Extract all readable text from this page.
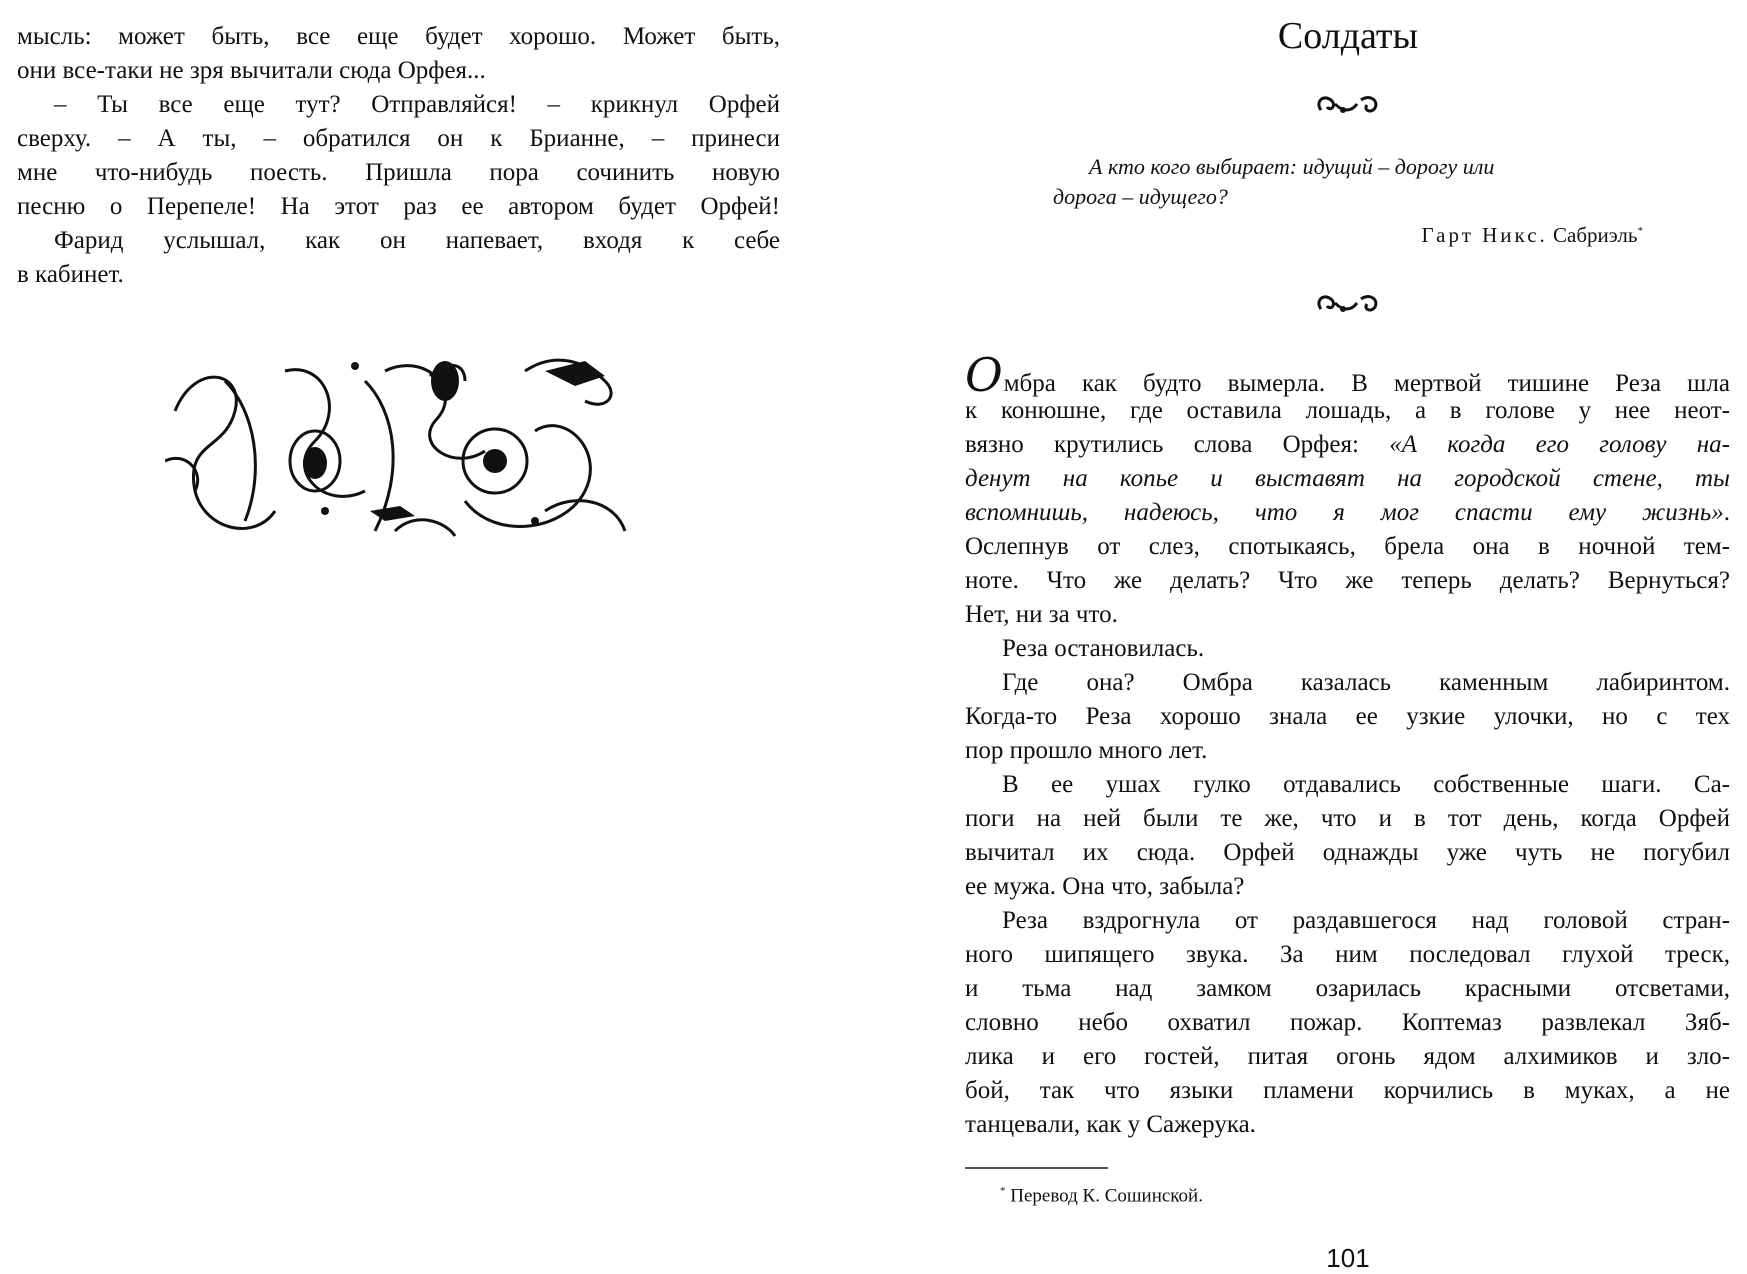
мысль: может быть, все еще будет хорошо. Может быть,
они все-таки не зря вычитали сюда Орфея...
– Ты все еще тут? Отправляйся! – крикнул Орфей
сверху. – А ты, – обратился он к Брианне, – принеси
мне что-нибудь поесть. Пришла пора сочинить новую
песню о Перепеле! На этот раз ее автором будет Орфей!
Фарид услышал, как он напевает, входя к себе
в кабинет.
Солдаты
А кто кого выбирает: идущий – дорогу или
дорога – идущего?
Гарт Никс. Сабриэль*
Омбра как будто вымерла. В мертвой тишине Реза шла
к конюшне, где оставила лошадь, а в голове у нее неот-
вязно крутились слова Орфея: «А когда его голову на-
денут на копье и выставят на городской стене, ты
вспомнишь, надеюсь, что я мог спасти ему жизнь».
Ослепнув от слез, спотыкаясь, брела она в ночной тем-
ноте. Что же делать? Что же теперь делать? Вернуться?
Нет, ни за что.
Реза остановилась.
Где она? Омбра казалась каменным лабиринтом.
Когда-то Реза хорошо знала ее узкие улочки, но с тех
пор прошло много лет.
В ее ушах гулко отдавались собственные шаги. Са-
поги на ней были те же, что и в тот день, когда Орфей
вычитал их сюда. Орфей однажды уже чуть не погубил
ее мужа. Она что, забыла?
Реза вздрогнула от раздавшегося над головой стран-
ного шипящего звука. За ним последовал глухой треск,
и тьма над замком озарилась красными отсветами,
словно небо охватил пожар. Коптемаз развлекал Зяб-
лика и его гостей, питая огонь ядом алхимиков и зло-
бой, так что языки пламени корчились в муках, а не
танцевали, как у Сажерука.
* Перевод К. Сошинской.
101
